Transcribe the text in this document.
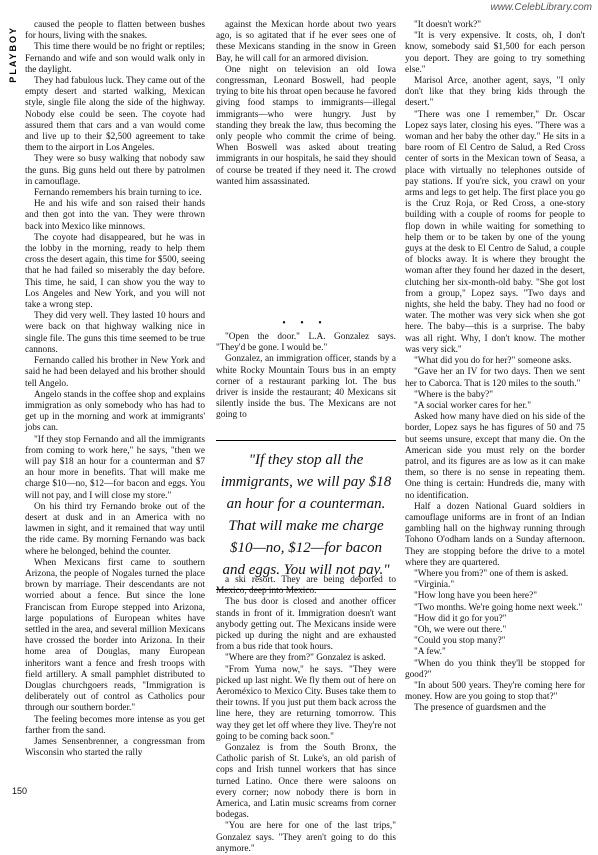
www.CelebLibrary.com
PLAYBOY

caused the people to flatten between bushes for hours, living with the snakes.

This time there would be no fright or reptiles; Fernando and wife and son would walk only in the daylight.

They had fabulous luck. They came out of the empty desert and started walking, Mexican style, single file along the side of the highway. Nobody else could be seen. The coyote had assured them that cars and a van would come and live up to their $2,500 agreement to take them to the airport in Los Angeles.

They were so busy walking that nobody saw the guns. Big guns held out there by patrolmen in camouflage.

Fernando remembers his brain turning to ice.

He and his wife and son raised their hands and then got into the van. They were thrown back into Mexico like minnows.

The coyote had disappeared, but he was in the lobby in the morning, ready to help them cross the desert again, this time for $500, seeing that he had failed so miserably the day before. This time, he said, I can show you the way to Los Angeles and New York, and you will not take a wrong step.

They did very well. They lasted 10 hours and were back on that highway walking nice in single file. The guns this time seemed to be true cannons.

Fernando called his brother in New York and said he had been delayed and his brother should tell Angelo.

Angelo stands in the coffee shop and explains immigration as only somebody who has had to get up in the morning and work at immigrants' jobs can.

"If they stop Fernando and all the immigrants from coming to work here," he says, "then we will pay $18 an hour for a counterman and $7 an hour more in benefits. That will make me charge $10—no, $12—for bacon and eggs. You will not pay, and I will close my store."

On his third try Fernando broke out of the desert at dusk and in an America with no lawmen in sight, and it remained that way until the ride came. By morning Fernando was back where he belonged, behind the counter.

When Mexicans first came to southern Arizona, the people of Nogales turned the place brown by marriage. Their descendants are not worried about a fence. But since the lone Franciscan from Europe stepped into Arizona, large populations of European whites have settled in the area, and several million Mexicans have crossed the border into Arizona. In their home area of Douglas, many European inheritors want a fence and fresh troops with field artillery. A small pamphlet distributed to Douglas churchgoers reads, "Immigration is deliberately out of control as Catholics pour through our southern border."

The feeling becomes more intense as you get farther from the sand.

James Sensenbrenner, a congressman from Wisconsin who started the rally

against the Mexican horde about two years ago, is so agitated that if he ever sees one of these Mexicans standing in the snow in Green Bay, he will call for an armored division.

One night on television an old Iowa congressman, Leonard Boswell, had people trying to bite his throat open because he favored giving food stamps to immigrants—illegal immigrants—who were hungry. Just by standing they break the law, thus becoming the only people who commit the crime of being. When Boswell was asked about treating immigrants in our hospitals, he said they should of course be treated if they need it. The crowd wanted him assassinated.

• • •

"Open the door." L.A. Gonzalez says. "They'd be gone. I would be."

Gonzalez, an immigration officer, stands by a white Rocky Mountain Tours bus in an empty corner of a restaurant parking lot. The bus driver is inside the restaurant; 40 Mexicans sit silently inside the bus. The Mexicans are not going to

"If they stop all the immigrants, we will pay $18 an hour for a counterman. That will make me charge $10—no, $12—for bacon and eggs. You will not pay."

a ski resort. They are being deported to Mexico, deep into Mexico.

The bus door is closed and another officer stands in front of it. Immigration doesn't want anybody getting out. The Mexicans inside were picked up during the night and are exhausted from a bus ride that took hours.

"Where are they from?" Gonzalez is asked.

"From Yuma now," he says. "They were picked up last night. We fly them out of here on Aeroméxico to Mexico City. Buses take them to their towns. If you just put them back across the line here, they are returning tomorrow. This way they get let off where they live. They're not going to be coming back soon."

Gonzalez is from the South Bronx, the Catholic parish of St. Luke's, an old parish of cops and Irish tunnel workers that has since turned Latino. Once there were saloons on every corner; now nobody there is born in America, and Latin music screams from corner bodegas.

"You are here for one of the last trips," Gonzalez says. "They aren't going to do this anymore."

"It doesn't work?"

"It is very expensive. It costs, oh, I don't know, somebody said $1,500 for each person you deport. They are going to try something else."

Marisol Arce, another agent, says, "I only don't like that they bring kids through the desert."

"There was one I remember," Dr. Oscar Lopez says later, closing his eyes. "There was a woman and her baby the other day." He sits in a bare room of El Centro de Salud, a Red Cross center of sorts in the Mexican town of Seasa, a place with virtually no telephones outside of pay stations. If you're sick, you crawl on your arms and legs to get help. The first place you go is the Cruz Roja, or Red Cross, a one-story building with a couple of rooms for people to flop down in while waiting for something to help them or to be taken by one of the young guys at the desk to El Centro de Salud, a couple of blocks away. It is where they brought the woman after they found her dazed in the desert, clutching her six-month-old baby. "She got lost from a group," Lopez says. "Two days and nights, she held the baby. They had no food or water. The mother was very sick when she got here. The baby—this is a surprise. The baby was all right. Why, I don't know. The mother was very sick."

"What did you do for her?" someone asks.

"Gave her an IV for two days. Then we sent her to Caborca. That is 120 miles to the south."

"Where is the baby?"

"A social worker cares for her."

Asked how many have died on his side of the border, Lopez says he has figures of 50 and 75 but seems unsure, except that many die. On the American side you must rely on the border patrol, and its figures are as low as it can make them, so there is no sense in repeating them. One thing is certain: Hundreds die, many with no identification.

Half a dozen National Guard soldiers in camouflage uniforms are in front of an Indian gambling hall on the highway running through Tohono O'odham lands on a Sunday afternoon. They are stopping before the drive to a motel where they are quartered.

"Where you from?" one of them is asked.

"Virginia."

"How long have you been here?"

"Two months. We're going home next week."

"How did it go for you?"

"Oh, we were out there."

"Could you stop many?"

"A few."

"When do you think they'll be stopped for good?"

"In about 500 years. They're coming here for money. How are you going to stop that?"

The presence of guardsmen and the

150
